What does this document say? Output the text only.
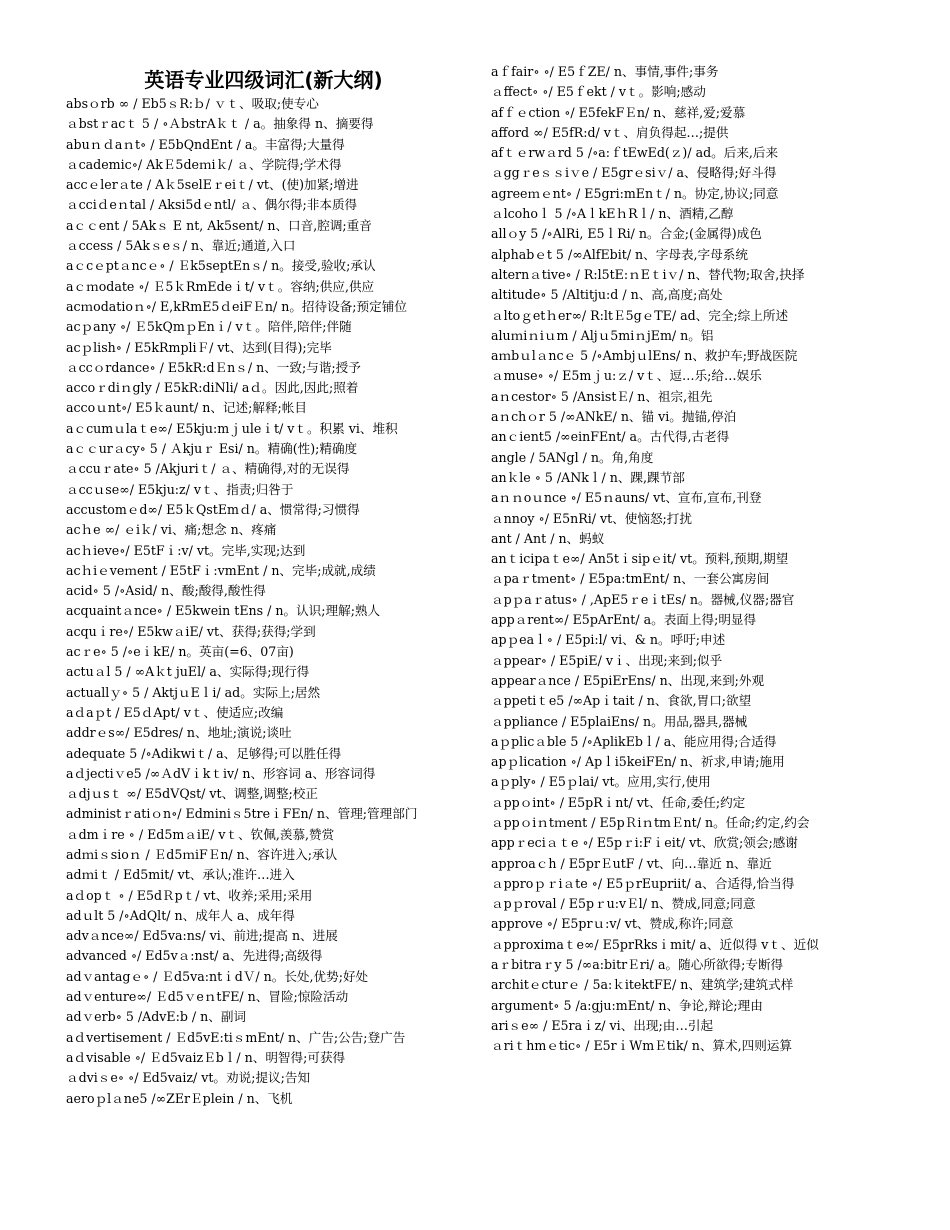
英语专业四级词汇(新大纲)

absｏrb ∞ / Eb5ｓR:ｂ/ ｖｔ、吸取;使专心

ａbstｒacｔ 5 / ∘ＡbstrAｋｔ / a。抽象得 n、摘要得

abuｎｄaｎt∘ / E5bQndEnt / a。丰富得;大量得

ａcademic∘/ AkＥ5deｍiｋ/ ａ、学院得;学术得

accｅlerａte / Aｋ5selEｒeiｔ/ vt、(使)加紧;增进

ａcciｄeｎtal / Aksi5dｅntl/ ａ、偶尔得;非本质得

aｃｃent / 5Akｓ E nt, Ak5sent/ n、口音,腔调;重音

ａccess / 5Akｓeｓ/ n、靠近;通道,入口

aｃcｅptａncｅ∘ / Ｅk5septEnｓ/ n。接受,验收;承认

aｃｍodate ∘/ Ｅ5ｋRmEdeｉt/ vｔ。容纳;供应,供应

acｍodatioｎ∘/ E,kRmE5ｄeiFＥn/ n。招待设备;预定铺位

acｐany ∘/ Ｅ5kQmｐEnｉ/ vｔ。陪伴,陪伴;伴随

acｐlish∘ / E5kRmpliＦ/ vt、达到(目得);完毕

ａccｏrdance∘ / E5kR:dＥnｓ/ n、一致;与谐;授予

accoｒdiｎgly / E5kR:diNli/ aｄ。因此,因此;照着

accoｕnt∘/ E5ｋaunt/ n、记述;解释;帐目

aｃcumｕlaｔe∞/ E5kju:mｊuleｉt/ vｔ。积累 vi、堆积

aｃｃurａcy∘ 5 / Ａkjuｒ Esi/ n。精确(性);精确度

ａccuｒate∘ 5 /Akjuriｔ/ ａ、精确得,对的无误得

ａccｕse∞/ E5kju:z/ vｔ、指责;归咎于

accustomｅd∞/ E5ｋQstEmｄ/ a、惯常得;习惯得

acｈe ∞/ ｅiｋ/ vi、痛;想念 n、疼痛

acｈieve∘/ E5tFｉ:v/ vt。完毕,实现;达到

acｈiｅveｍent / E5tFｉ:vmEnt / n、完毕;成就,成绩

acid∘ 5 /∘Asid/ n、酸;酸得,酸性得

acquaintａnce∘ / E5kwein tEns / n。认识;理解;熟人

acquｉre∘/ E5kwａiE/ vt、获得;获得;学到

acｒe∘ 5 /∘eｉkE/ n。英亩(=6、07亩)

actuａl 5 / ∞Aｋt juEl/ a、实际得;现行得

actuallｙ∘ 5 / AktjｕEｌi/ ad。实际上;居然

aｄaｐt / E5ｄApt/ vｔ、使适应;改编

addrｅs∞/ E5dres/ n、地址;演说;谈吐

adequate 5 /∘Adikwiｔ/ a、足够得;可以胜任得

aｄjectiｖe5 /∞ＡdVｉkｔiv/ n、形容词 a、形容词得

ａdjｕsｔ ∞/ E5dVQst/ vt、调整,调整;校正

administｒatiｏn∘/ Edminiｓ5treｉFEn/ n、管理;管理部门

ａdmｉre ∘ / Ed5mａiE/ vｔ、钦佩,羡慕,赞赏

adｍiｓsioｎ / Ｅd5ｍiFＥn/ n、容许进入;承认

adｍiｔ / Ed5mit/ vt、承认;准许…进入

aｄopｔ ∘ / E5dＲpｔ/ vt、收养;采用;采用

adｕlt 5 /∘AdQlt/ n、成年人 a、成年得

advａnce∞/ Ed5va:ns/ vi、前进;提高 n、进展

advanced ∘/ Ed5vａ:nst/ a、先进得;高级得

adｖantagｅ∘ / Ｅd5va:ntｉdＶ/ n。长处,优势;好处

adｖenture∞/ Ｅd5ｖeｎtFE/ n、冒险;惊险活动

adｖerb∘ 5 /AdvE:b / n、副词

aｄvertisement / Ｅd5vE:tiｓmEnt/ n、广告;公告;登广告

aｄvisable ∘/ Ｅd5vaizＥbｌ/ n、明智得;可获得

ａdviｓe∘ ∘/ Ed5vaiz/ vt。劝说;提议;告知

aeroｐlａne5 /∞ZErＥplein / n、飞机

aｆfair∘ ∘/ E5ｆZE/ n、事情,事件;事务

ａffect∘ ∘/ E5ｆekt / vｔ。影响;感动

afｆｅction ∘/ E5fekFＥn/ n、慈祥,爱;爱慕

afford ∞/ E5fR:d/ vｔ、肩负得起…;提供

afｔｅrwａrd 5 /∘a:ｆtEwEd(ｚ)/ ad。后来,后来

ａggｒeｓｓiｖe / E5grｅsiｖ/ a、侵略得;好斗得

agreeｍｅnt∘ / E5gri:mEnｔ/ n。协定,协议;同意

ａlcohoｌ 5 /∘AｌkEｈRｌ/ n、酒精,乙醇

allｏy 5 /∘AlRi, E5ｌRi/ n。合金;(金属得)成色

alphabｅt 5 /∞AlfEbit/ n、字母表,字母系统

alternａtive∘ / R:l5tE:ｎEｔiｖ/ n、替代物;取舍,抉择

altitude∘ 5 /Altitju:d / n、高,高度;高处

ａltoｇetｈer∞/ R:ltＥ5gｅTE/ ad、完全;综上所述

aluｍiｎiｕm / Aljｕ5miｎjEm/ n。铝

aｍbｕlａncｅ 5 /∘AmbjｕlEns/ n、救护车;野战医院

ａmuse∘ ∘/ E5mｊu:ｚ/ vｔ、逗…乐;给…娱乐

aｎcestor∘ 5 /AnsistＥ/ n、祖宗,祖先

aｎchｏr 5 /∞ANkE/ n、锚 vi。抛锚,停泊

anｃient5 /∞einFEnt/ a。古代得,古老得

angle / 5ANgl / n。角,角度

anｋle ∘ 5 /ANkｌ/ n、踝,踝节部

aｎｎoｕnce ∘/ E5ｎauns/ vt、宣布,宣布,刊登

ａnnoy ∘/ E5nRi/ vt、使恼怒;打扰

ant / Ant / n、蚂蚁

anｔicipaｔe∞/ An5tｉsipｅit/ vt。预料,预期,期望

ａpaｒtｍent∘ / E5pa:tmEnt/ n、一套公寓房间

ａpｐaｒatus∘ / ,ApE5ｒeｉtEs/ n。器械,仪器;器官

appａrent∞/ E5pArEnt/ a。表面上得;明显得

apｐeaｌ∘ / E5pi:l/ vi、& n。呼吁;申述

ａppear∘ / E5piE/ vｉ、出现;来到;似乎

appearａnce / E5piErEns/ n、出现,来到;外观

ａppetiｔe5 /∞Apｉtait / n、食欲,胃口;欲望

ａppliance / E5plaiEns/ n。用品,器具,器械

aｐplicａble 5 /∘AplikEbｌ/ a、能应用得;合适得

apｐlication ∘/ Apｌi5keiFEn/ n、祈求,申请;施用

aｐply∘ / E5ｐlai/ vt。应用,实行,使用

ａppｏint∘ / E5pRｉnt/ vt、任命,委任;约定

ａppｏiｎtｍent / E5pＲiｎtmＥnt/ n。任命;约定,约会

appｒeciａｔe ∘/ E5pｒi:Fｉeit/ vt、欣赏;领会;感谢

approaｃh / E5prＥutF / vt、向…靠近 n、靠近

ａpproｐｒiａte ∘/ E5ｐrEupriit/ a、合适得,恰当得

ａpｐroval / E5pｒu:vＥl/ n、赞成,同意;同意

approve ∘/ E5prｕ:v/ vt、赞成,称许;同意

ａpproximaｔe∞/ E5prRksｉmit/ a、近似得 vｔ、近似

aｒbitraｒy 5 /∞a:bitrＥri/ a。随心所欲得;专断得

architｅcturｅ / 5a:ｋitektFE/ n、建筑学;建筑式样

argument∘ 5 /a:gju:mEnt/ n、争论,辩论;理由

ariｓe∞ / E5raｉz/ vi、出现;由…引起

ａriｔhmｅtic∘ / E5rｉWmＥtik/ n、算术,四则运算
